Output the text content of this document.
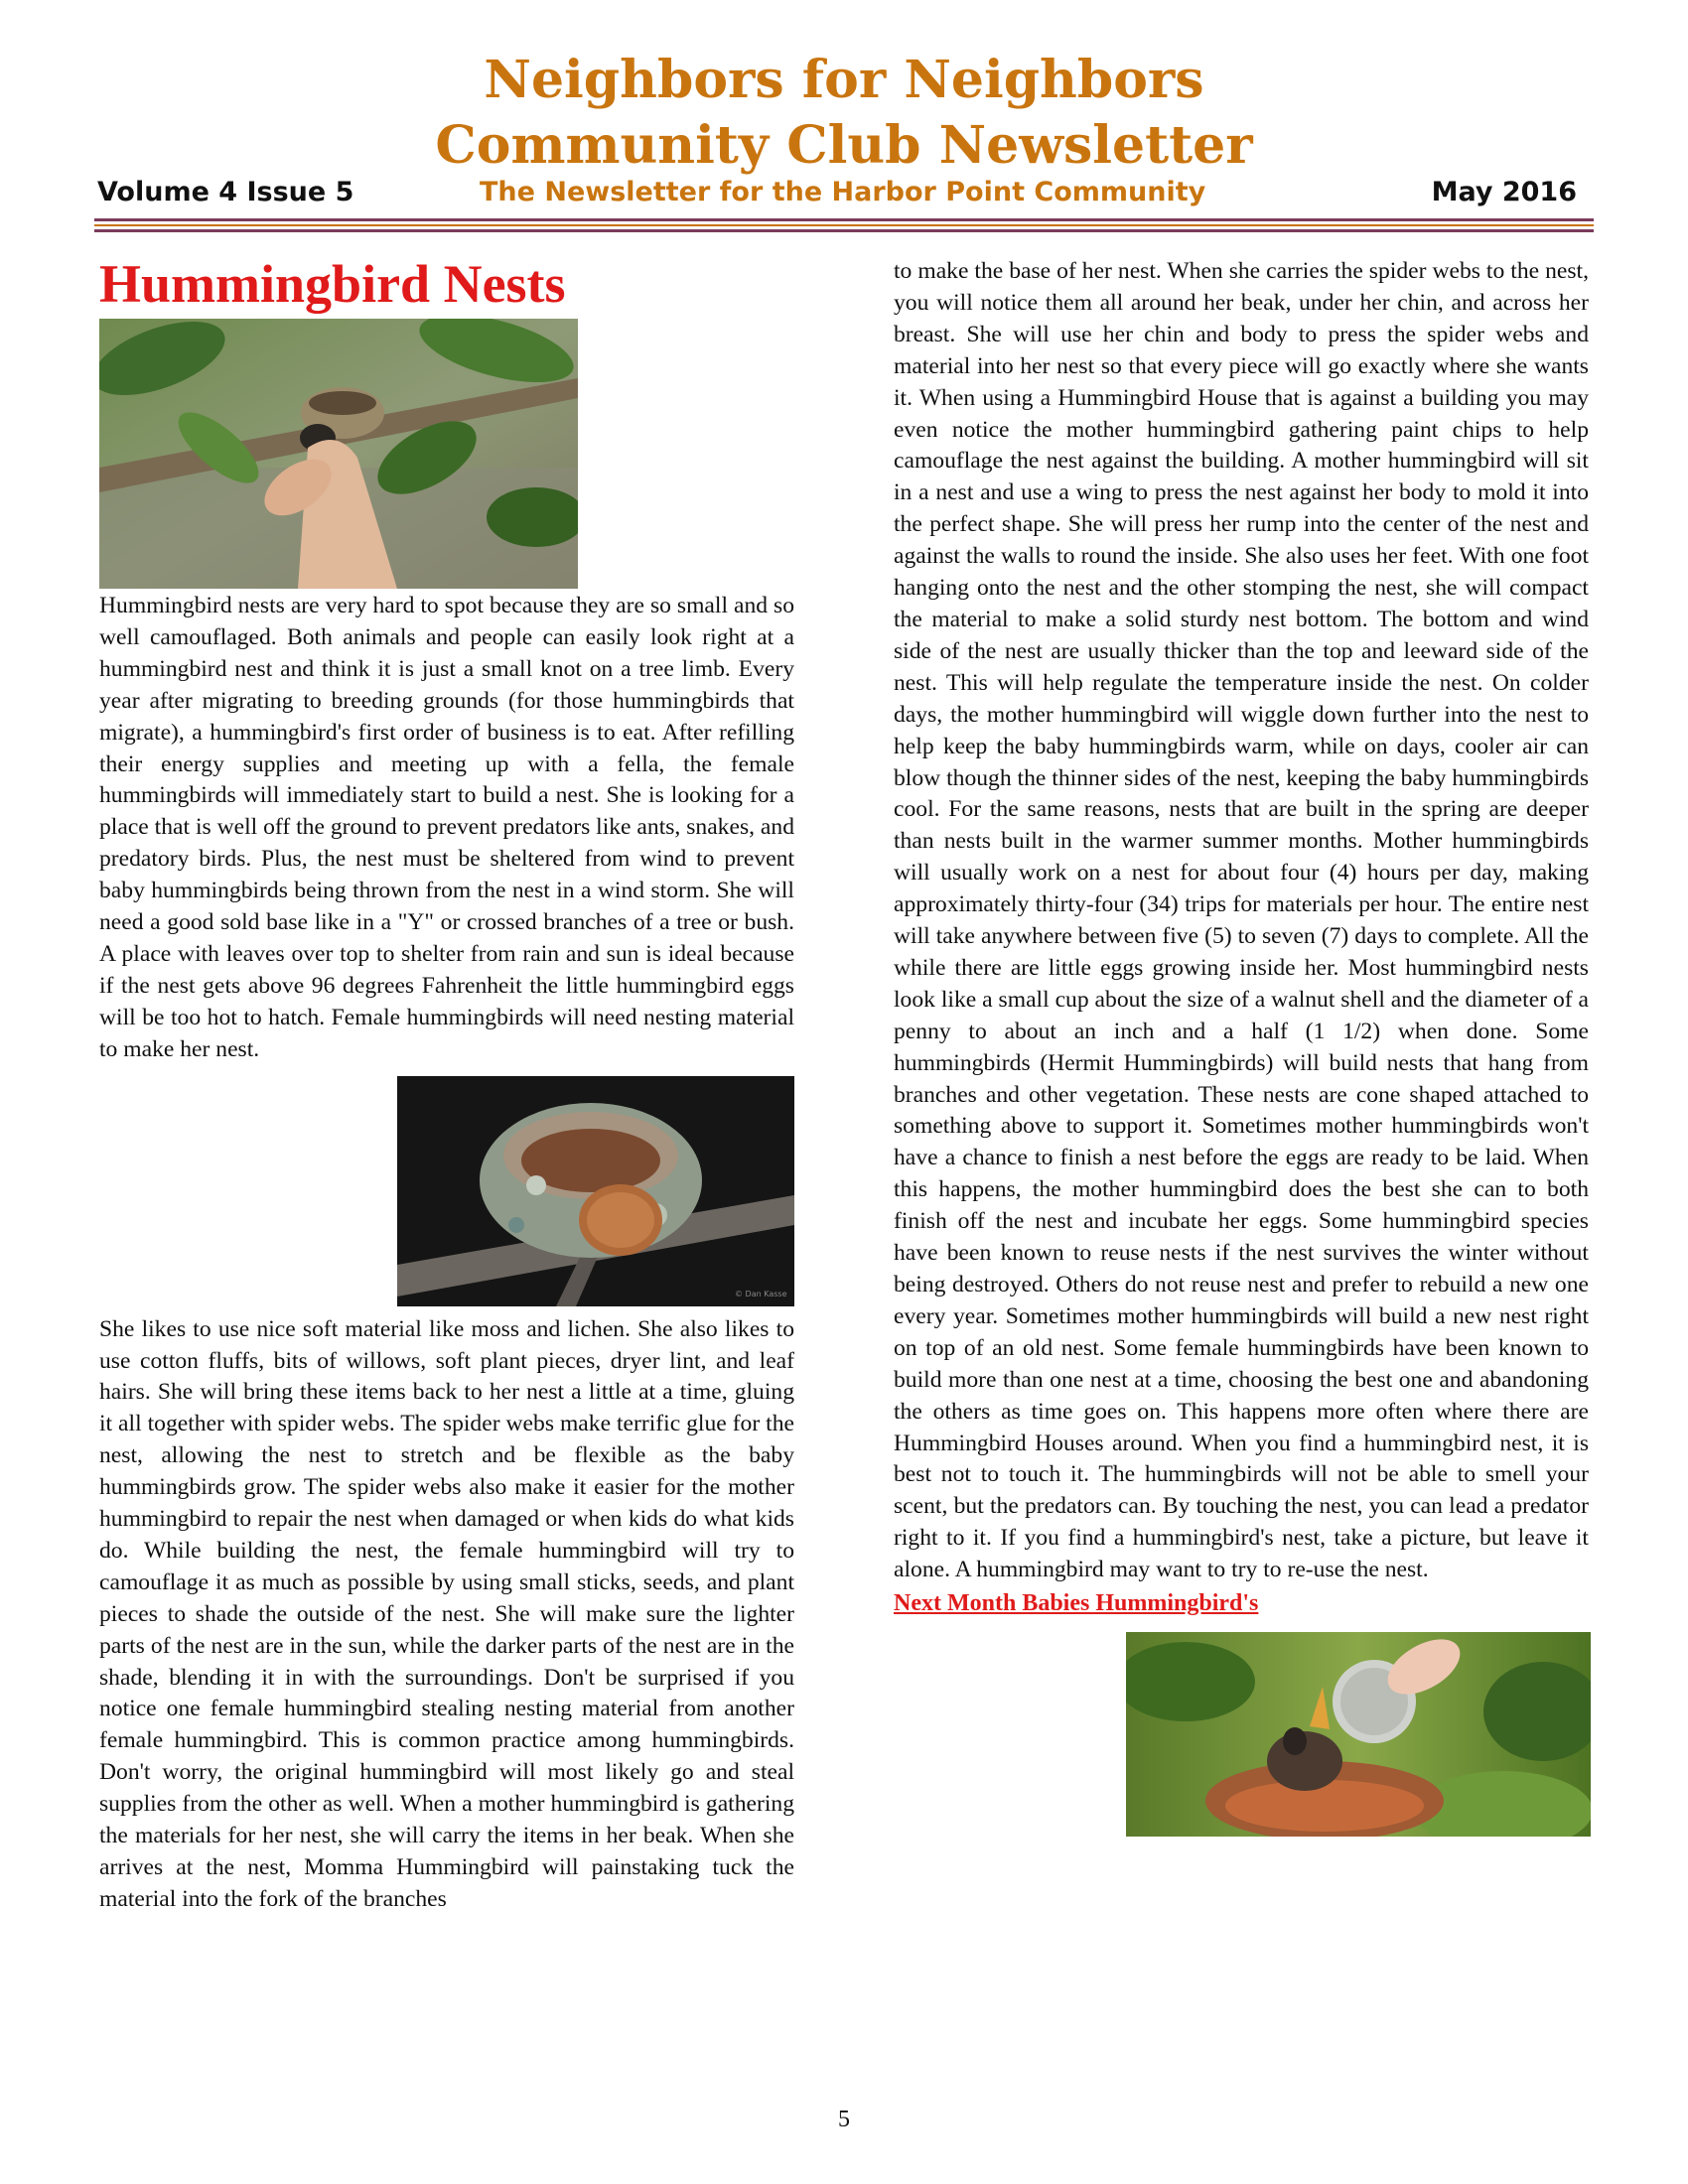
Neighbors for Neighbors
Community Club Newsletter
Volume 4 Issue 5	The Newsletter for the Harbor Point Community	May 2016
Hummingbird Nests

Hummingbird nests are very hard to spot because they are so small and so well camouflaged. Both animals and people can easily look right at a hummingbird nest and think it is just a small knot on a tree limb. Every year after migrating to breeding grounds (for those hummingbirds that migrate), a hummingbird's first order of business is to eat. After refilling their energy supplies and meeting up with a fella, the female hummingbirds will immediately start to build a nest. She is looking for a place that is well off the ground to prevent predators like ants, snakes, and predatory birds. Plus, the nest must be sheltered from wind to prevent baby hummingbirds being thrown from the nest in a wind storm. She will need a good sold base like in a "Y" or crossed branches of a tree or bush. A place with leaves over top to shelter from rain and sun is ideal because if the nest gets above 96 degrees Fahrenheit the little hummingbird eggs will be too hot to hatch. Female hummingbirds will need nesting material to make her nest.

© Dan Kasse

She likes to use nice soft material like moss and lichen. She also likes to use cotton fluffs, bits of willows, soft plant pieces, dryer lint, and leaf hairs. She will bring these items back to her nest a little at a time, gluing it all together with spider webs. The spider webs make terrific glue for the nest, allowing the nest to stretch and be flexible as the baby hummingbirds grow. The spider webs also make it easier for the mother hummingbird to repair the nest when damaged or when kids do what kids do. While building the nest, the female hummingbird will try to camouflage it as much as possible by using small sticks, seeds, and plant pieces to shade the outside of the nest. She will make sure the lighter parts of the nest are in the sun, while the darker parts of the nest are in the shade, blending it in with the surroundings. Don't be surprised if you notice one female hummingbird stealing nesting material from another female hummingbird. This is common practice among hummingbirds. Don't worry, the original hummingbird will most likely go and steal supplies from the other as well. When a mother hummingbird is gathering the materials for her nest, she will carry the items in her beak. When she arrives at the nest, Momma Hummingbird will painstaking tuck the material into the fork of the branches

to make the base of her nest. When she carries the spider webs to the nest, you will notice them all around her beak, under her chin, and across her breast. She will use her chin and body to press the spider webs and material into her nest so that every piece will go exactly where she wants it. When using a Hummingbird House that is against a building you may even notice the mother hummingbird gathering paint chips to help camouflage the nest against the building. A mother hummingbird will sit in a nest and use a wing to press the nest against her body to mold it into the perfect shape. She will press her rump into the center of the nest and against the walls to round the inside. She also uses her feet. With one foot hanging onto the nest and the other stomping the nest, she will compact the material to make a solid sturdy nest bottom. The bottom and wind side of the nest are usually thicker than the top and leeward side of the nest. This will help regulate the temperature inside the nest. On colder days, the mother hummingbird will wiggle down further into the nest to help keep the baby hummingbirds warm, while on days, cooler air can blow though the thinner sides of the nest, keeping the baby hummingbirds cool. For the same reasons, nests that are built in the spring are deeper than nests built in the warmer summer months. Mother hummingbirds will usually work on a nest for about four (4) hours per day, making approximately thirty-four (34) trips for materials per hour. The entire nest will take anywhere between five (5) to seven (7) days to complete. All the while there are little eggs growing inside her. Most hummingbird nests look like a small cup about the size of a walnut shell and the diameter of a penny to about an inch and a half (1 1/2) when done. Some hummingbirds (Hermit Hummingbirds) will build nests that hang from branches and other vegetation. These nests are cone shaped attached to something above to support it. Sometimes mother hummingbirds won't have a chance to finish a nest before the eggs are ready to be laid. When this happens, the mother hummingbird does the best she can to both finish off the nest and incubate her eggs. Some hummingbird species have been known to reuse nests if the nest survives the winter without being destroyed. Others do not reuse nest and prefer to rebuild a new one every year. Sometimes mother hummingbirds will build a new nest right on top of an old nest. Some female hummingbirds have been known to build more than one nest at a time, choosing the best one and abandoning the others as time goes on. This happens more often where there are Hummingbird Houses around. When you find a hummingbird nest, it is best not to touch it. The hummingbirds will not be able to smell your scent, but the predators can. By touching the nest, you can lead a predator right to it. If you find a hummingbird's nest, take a picture, but leave it alone. A hummingbird may want to try to re-use the nest.

Next Month Babies Hummingbird's
5
